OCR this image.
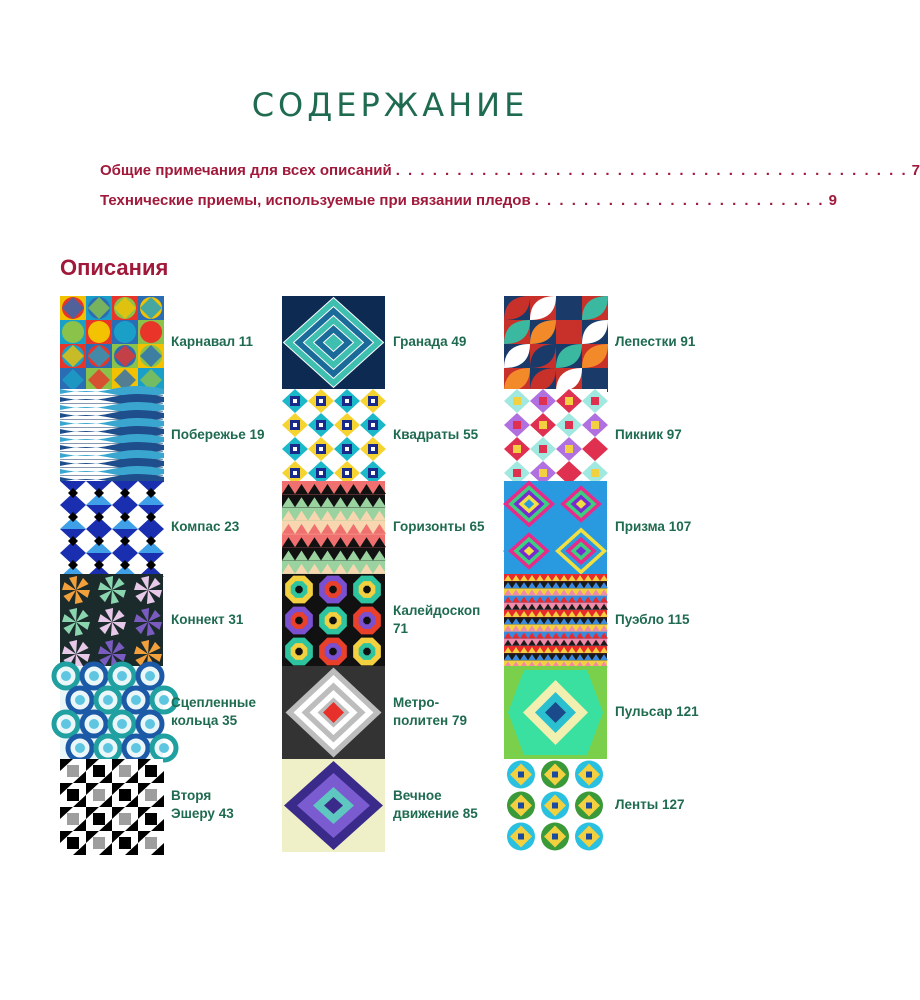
СОДЕРЖАНИЕ
Общие примечания для всех описаний . . . . . . . . . . . . . . . . . . . . . . . . . . . . . . . . . . . . . . . . . . 7
Технические приемы, используемые при вязании пледов . . . . . . . . . . . . . . . . . . . . . . . . 9
Описания
Карнавал 11
Побережье 19
Компас 23
Коннект 31
Сцепленные
кольца 35
Вторя
Эшеру 43
Гранада 49
Квадраты 55
Горизонты 65
Калейдоскоп
71
Метро-
политен 79
Вечное
движение 85
Лепестки 91
Пикник 97
Призма 107
Пуэбло 115
Пульсар 121
Ленты 127
